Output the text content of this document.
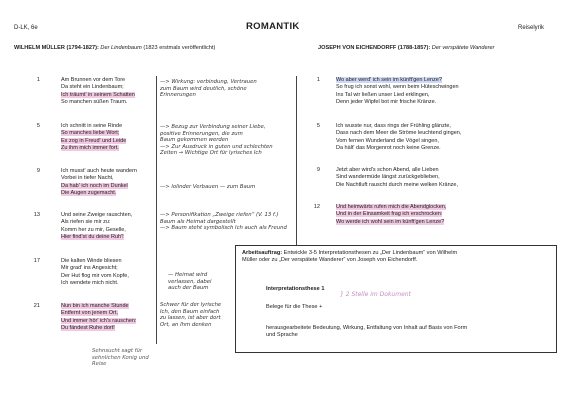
D-LK, 6e	ROMANTIK	Reiselyrik
WILHELM MÜLLER (1794-1827): Der Lindenbaum (1823 erstmals veröffentlicht)	JOSEPH VON EICHENDORFF (1788-1857): Der verspätete Wanderer
1	Am Brunnen vor dem Tore
Da steht ein Lindenbaum;
Ich träumt' in seinem Schatten
So manchen süßen Traum.
5	Ich schnitt in seine Rinde
So manches liebe Wort;
Es zog in Freud' und Leide
Zu ihm mich immer fort.
9	Ich musst' auch heute wandern
Vorbei in tiefer Nacht,
Da hab' ich noch im Dunkel
Die Augen zugemacht.
13	Und seine Zweige rauschten,
Als riefen sie mir zu:
Komm her zu mir, Geselle,
Hier find'st du deine Ruh'!
17	Die kalten Winde bliesen
Mir grad' ins Angesicht;
Der Hut flog mir vom Kopfe,
Ich wendete mich nicht.
21	Nun bin ich manche Stunde
Entfernt von jenem Ort,
Und immer hör' ich's rauschen:
Du fändest Ruhe dort!
—> Wirkung: verbindung, Vertrauen
zum Baum wird deutlich, schöne
Erinnerungen
—> Bezug zur Verbindung seiner Liebe,
positive Erinnerungen, die zum
Baum gekommen werden
—> Zur Ausdruck in guten und schlechten
Zeiten → Wichtige Ort für lyrisches Ich
—> lolinder Verbauen — zum Baum
—> Personifikation „Zweige riefen“ (V. 13 f.)
Baum als Heimat dargestellt
—> Baum steht symbolisch Ich auch als Freund
— Heimat wird
verlassen, dabei
auch der Baum
Schwer für der lyrische
Ich, den Baum einfach
zu lassen, ist aber dort
Ort, an Ihm denken
Sehnsucht sagt für
sehnlichen Konig und
Reise
1	Wo aber werd' ich sein im künft'gen Lenze?
So frug ich sonst wohl, wenn beim Hüteschwingen
Ins Tal wir ließen unser Lied erklingen,
Denn jeder Wipfel bot mir frische Kränze.
5	Ich wusste nur, dass rings der Frühling glänzte,
Dass nach dem Meer die Ströme leuchtend gingen,
Vom fernen Wunderland die Vögel singen,
Da hält' das Morgenrot noch keine Grenze.
9	Jetzt aber wird's schon Abend, alle Lieben
Sind wandermüde längst zurückgeblieben,
Die Nachtluft rauscht durch meine welken Kränze,
12	Und heimwärts rufen mich die Abendglocken,
Und in der Einsamkeit frag ich erschrocken:
Wo werde ich wohl sein im künft'gen Lenze?
Arbeitsauftrag: Entwickle 3-5 Interpretationsthesen zu „Der Lindenbaum“ von Wilhelm
Müller oder zu „Der verspätete Wanderer“ von Joseph von Eichendorff.
Interpretationsthese 1
Belege für die These +
} 2 Stelle im Dokument
herausgearbeitete Bedeutung, Wirkung, Entfaltung von Inhalt auf Basis von Form
und Sprache
